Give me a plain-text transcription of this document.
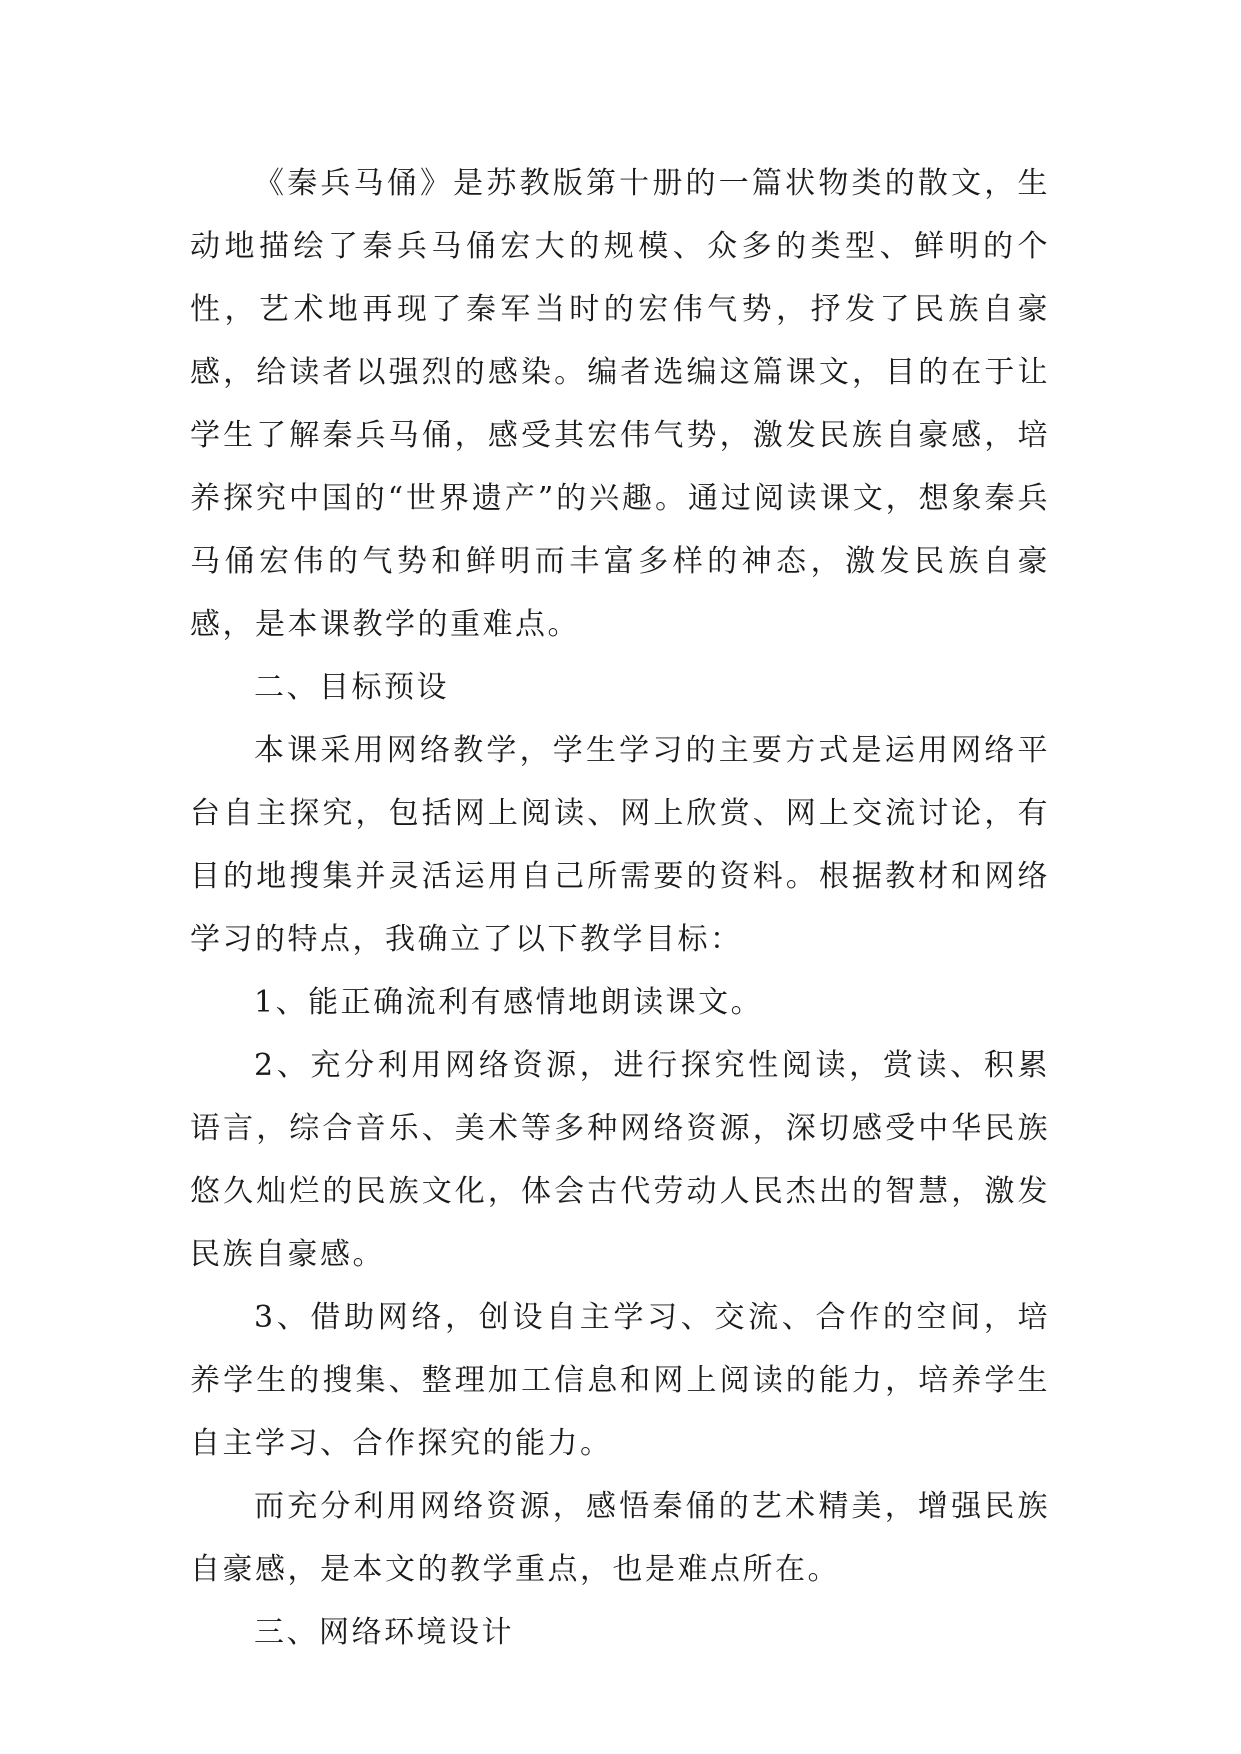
《秦兵马俑》是苏教版第十册的一篇状物类的散文，生动地描绘了秦兵马俑宏大的规模、众多的类型、鲜明的个性，艺术地再现了秦军当时的宏伟气势，抒发了民族自豪感，给读者以强烈的感染。编者选编这篇课文，目的在于让学生了解秦兵马俑，感受其宏伟气势，激发民族自豪感，培养探究中国的“世界遗产”的兴趣。通过阅读课文，想象秦兵马俑宏伟的气势和鲜明而丰富多样的神态，激发民族自豪感，是本课教学的重难点。

二、目标预设

本课采用网络教学，学生学习的主要方式是运用网络平台自主探究，包括网上阅读、网上欣赏、网上交流讨论，有目的地搜集并灵活运用自己所需要的资料。根据教材和网络学习的特点，我确立了以下教学目标：

1、能正确流利有感情地朗读课文。

2、充分利用网络资源，进行探究性阅读，赏读、积累语言，综合音乐、美术等多种网络资源，深切感受中华民族悠久灿烂的民族文化，体会古代劳动人民杰出的智慧，激发民族自豪感。

3、借助网络，创设自主学习、交流、合作的空间，培养学生的搜集、整理加工信息和网上阅读的能力，培养学生自主学习、合作探究的能力。

而充分利用网络资源，感悟秦俑的艺术精美，增强民族自豪感，是本文的教学重点，也是难点所在。

三、网络环境设计
